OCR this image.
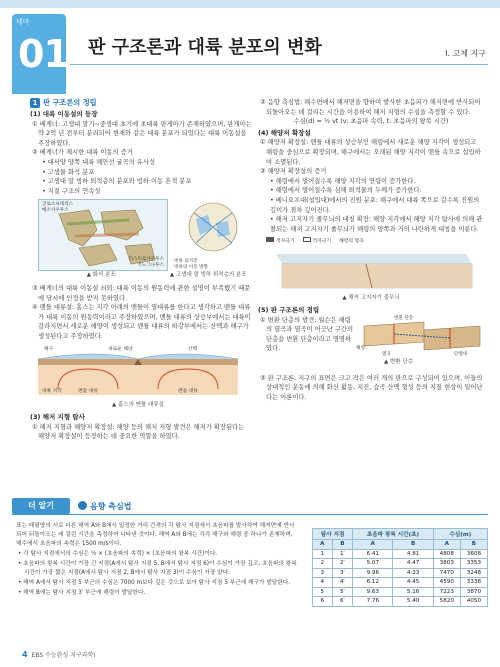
테마
01 판 구조론과 대륙 분포의 변화	I. 고체 지구
1 판 구조론의 정립
(1) 대륙 이동설의 등장
① 베게너: 고생대 말기~중생대 초기에 초대륙 판게아가 존재하였으며, 판게아는 약 2억 년 전부터 분리되어 현재와 같은 대륙 분포가 되었다는 대륙 이동설을 주장하였다.
② 베게너가 제시한 대륙 이동의 증거
• 대서양 양쪽 대륙 해안선 굴곡의 유사성
• 고생물 화석 분포
• 고생대 말 빙하 퇴적층의 분포와 빙하 이동 흔적 분포
• 지질 구조의 연속성
글로소프테리스
메소사우루스
리스트로사우루스
키노그나투스

빙하 퇴적층
빙하의 이동 방향
▲ 화석 분포	▲ 고생대 말 빙하 퇴적층의 분포
③ 베게너의 대륙 이동설 쇠퇴: 대륙 이동의 원동력에 관한 설명이 부족했기 때문에 당시에 인정을 받지 못하였다.
④ 맨틀 대류설: 홈스는 지각 아래의 맨틀이 열대류를 한다고 생각하고 맨틀 대류가 대륙 이동의 원동력이라고 주장하였으며, 맨틀 대류의 상승부에서는 대륙이 갈라지면서 새로운 해양이 생성되고 맨틀 대류의 하강부에서는 산맥과 해구가 생성된다고 주장하였다.
해구	새로운 해양	산맥
대륙 지각	맨틀 대류	맨틀 대류
▲ 홈스의 맨틀 대류설
(3) 해저 지형 탐사
① 해저 지형과 해양저 확장설: 해양 등의 해저 지형 발견은 해저가 확장된다는 해양저 확장설이 등장하는 데 중요한 역할을 하였다.
② 음향 측심법: 해수면에서 해저면을 향하여 발사한 초음파가 해저면에 반사되어 되돌아오는 데 걸리는 시간을 이용하여 해저 지형의 수심을 측정할 수 있다.
수심(d) = ½ vt (v: 초음파 속력, t: 초음파의 왕복 시간)
(4) 해양저 확장설
① 해양저 확장설: 맨틀 대류의 상승부인 해령에서 새로운 해양 지각이 생성되고 해령을 중심으로 확장되며, 해구에서는 오래된 해양 지각이 맨틀 속으로 섭입하여 소멸된다.
② 해양저 확장설의 증거
• 해령에서 멀어질수록 해양 지각의 연령이 증가한다.
• 해령에서 멀어질수록 심해 퇴적물의 두께가 증가한다.
• 베니오프대(섭입대)에서의 진원 분포: 해구에서 대륙 쪽으로 갈수록 진원의 깊이가 점차 깊어진다.
• 해저 고지자기 줄무늬의 대칭 확장: 해양 지각에서 해양 지각 탐사에 의해 관찰되는 해저 고지자기 줄무늬가 해령의 양쪽과 거의 나란하게 대칭을 이룬다.
정자극기	역자극기 해령의 열곡
▲ 해저 고지자기 줄무늬
(5) 판 구조론의 정립
① 변환 단층의 발견: 월슨은 해령의 열곡과 열곡이 어긋난 구간의 단층을 변환 단층이라고 명명하였다.
변환 단층
해령
열곡	단열대
▲ 변환 단층
② 판 구조론: 지구의 표면은 크고 작은 여러 개의 판으로 구성되어 있으며, 이들의 상대적인 운동에 의해 화산 활동, 지진, 습곡 산맥 형성 등의 지질 현상이 일어난다는 이론이다.
더 알기	음향 측심법

표는 태평양의 서로 다른 해역 A와 B에서 일정한 거리 간격의 각 탐사 지점에서 초음파를 발사하여 해저면에 반사되어 되돌아오는 데 걸린 시간을 측정하여 나타낸 것이다. 해역 A와 B에는 각각 해구와 해령 중 하나가 존재하며, 해수에서 초음파의 속력은 1500 m/s이다.

• 각 탐사 지점에서의 수심은 ½ × (초음파의 속력) × (초음파의 왕복 시간)이다.

• 초음파의 왕복 시간이 가장 긴 지점(A에서 탐사 지점 5, B에서 탐사 지점 6)이 수심이 가장 깊고, 초음파의 왕복 시간이 가장 짧은 지점(A에서 탐사 지점 2, B에서 탐사 지점 3)이 수심이 가장 얕다.

• 해역 A에서 탐사 지점 5 부근의 수심은 7000 m보다 깊은 것으로 보아 탐사 지점 5 부근에 해구가 발달한다.

• 해역 B에는 탐사 지점 3′ 부근에 해령이 발달한다.

탐사 지점		초음파 왕복 시간(초)		수심(m)	
A	B	A	B	A	B
1	1′	6.41	4.81	4808	3608
2	2′	5.07	4.47	3803	3353
3	3′	9.96	4.33	7470	3248
4	4′	6.12	4.45	4590	3338
5	5′	9.63	5.16	7223	3870
6	6′	7.76	5.40	5820	4050
4 EBS 수능완성 지구과학Ⅰ
